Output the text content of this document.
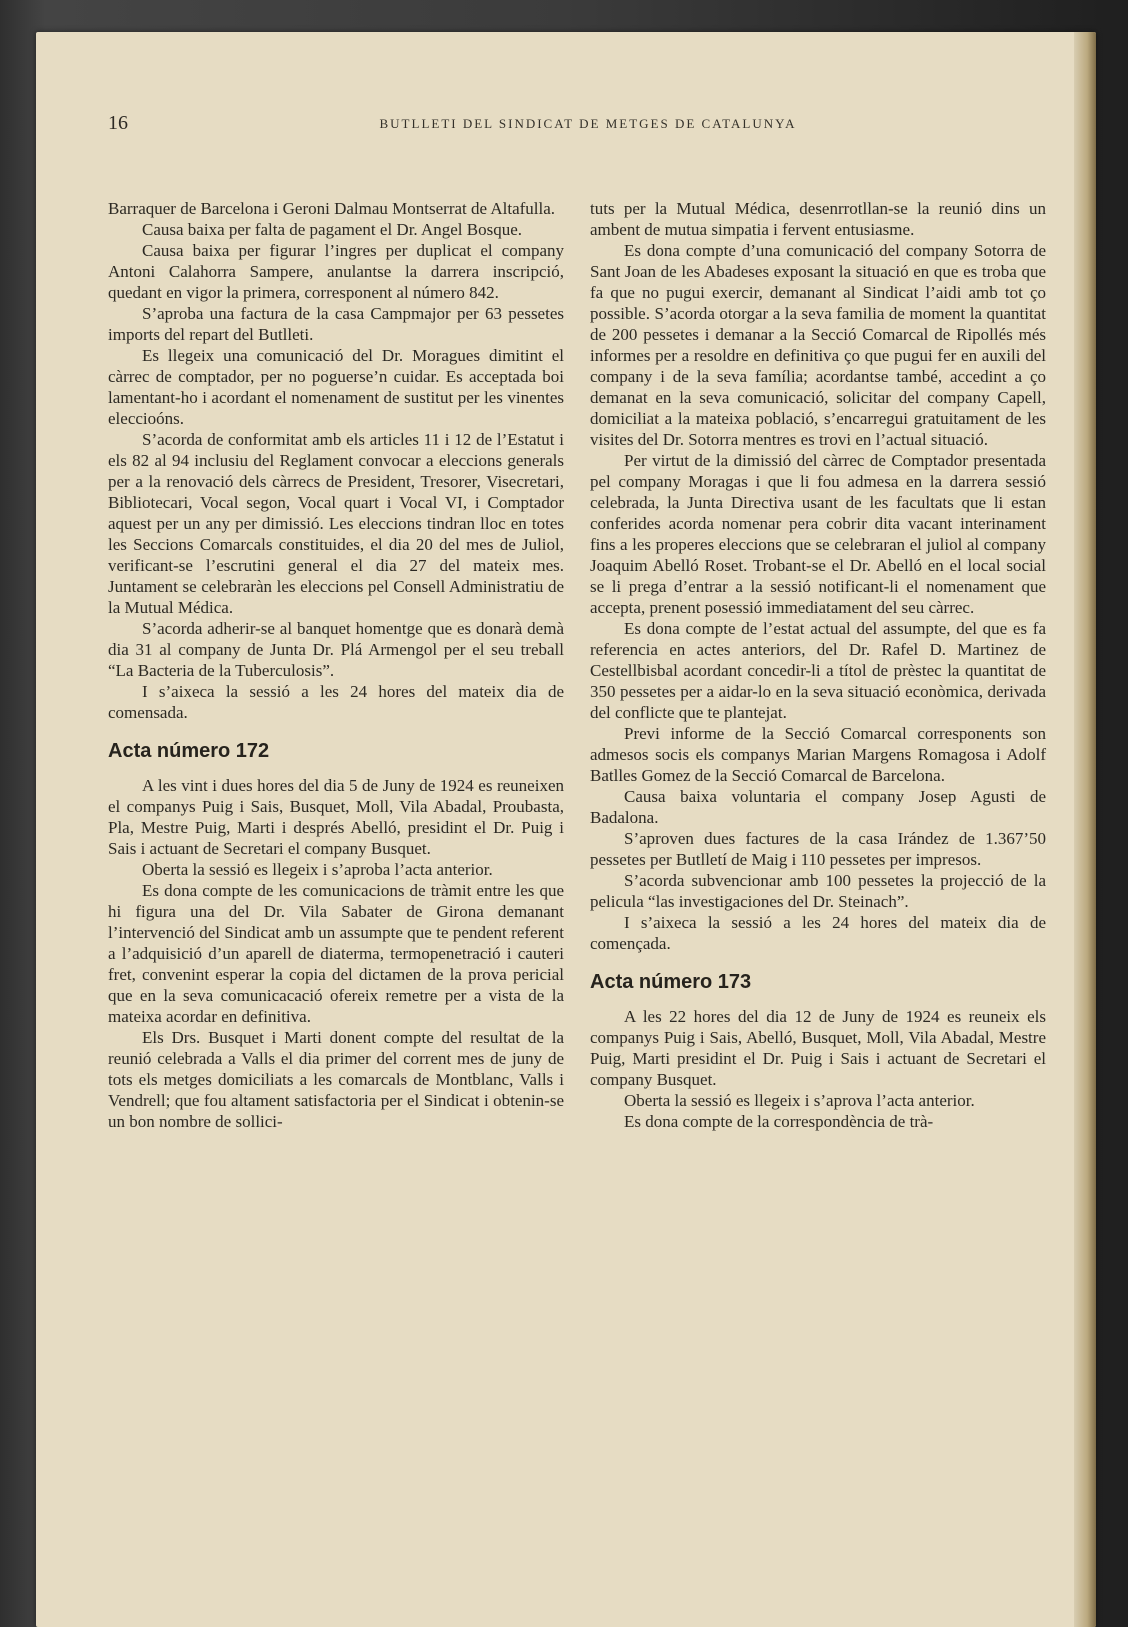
16	BUTLLETI DEL SINDICAT DE METGES DE CATALUNYA

Barraquer de Barcelona i Geroni Dalmau Montserrat de Altafulla.

Causa baixa per falta de pagament el Dr. Angel Bosque.

Causa baixa per figurar l’ingres per duplicat el company Antoni Calahorra Sampere, anulantse la darrera inscripció, quedant en vigor la primera, corresponent al número 842.

S’aproba una factura de la casa Campmajor per 63 pessetes imports del repart del Butlleti.

Es llegeix una comunicació del Dr. Moragues dimitint el càrrec de comptador, per no poguerse’n cuidar. Es acceptada boi lamentant-ho i acordant el nomenament de sustitut per les vinentes eleccioóns.

S’acorda de conformitat amb els articles 11 i 12 de l’Estatut i els 82 al 94 inclusiu del Reglament convocar a eleccions generals per a la renovació dels càrrecs de President, Tresorer, Visecretari, Bibliotecari, Vocal segon, Vocal quart i Vocal VI, i Comptador aquest per un any per dimissió. Les eleccions tindran lloc en totes les Seccions Comarcals constituides, el dia 20 del mes de Juliol, verificant-se l’escrutini general el dia 27 del mateix mes. Juntament se celebraràn les eleccions pel Consell Administratiu de la Mutual Médica.

S’acorda adherir-se al banquet homentge que es donarà demà dia 31 al company de Junta Dr. Plá Armengol per el seu treball “La Bacteria de la Tuberculosis”.

I s’aixeca la sessió a les 24 hores del mateix dia de comensada.

Acta número 172

A les vint i dues hores del dia 5 de Juny de 1924 es reuneixen el companys Puig i Sais, Busquet, Moll, Vila Abadal, Proubasta, Pla, Mestre Puig, Marti i després Abelló, presidint el Dr. Puig i Sais i actuant de Secretari el company Busquet.

Oberta la sessió es llegeix i s’aproba l’acta anterior.

Es dona compte de les comunicacions de tràmit entre les que hi figura una del Dr. Vila Sabater de Girona demanant l’intervenció del Sindicat amb un assumpte que te pendent referent a l’adquisició d’un aparell de diaterma, termopenetració i cauteri fret, convenint esperar la copia del dictamen de la prova pericial que en la seva comunicacació ofereix remetre per a vista de la mateixa acordar en definitiva.

Els Drs. Busquet i Marti donent compte del resultat de la reunió celebrada a Valls el dia primer del corrent mes de juny de tots els metges domiciliats a les comarcals de Montblanc, Valls i Vendrell; que fou altament satisfactoria per el Sindicat i obtenin-se un bon nombre de sollici-

tuts per la Mutual Médica, desenrrotllan-se la reunió dins un ambent de mutua simpatia i fervent entusiasme.

Es dona compte d’una comunicació del company Sotorra de Sant Joan de les Abadeses exposant la situació en que es troba que fa que no pugui exercir, demanant al Sindicat l’aidi amb tot ço possible. S’acorda otorgar a la seva familia de moment la quantitat de 200 pessetes i demanar a la Secció Comarcal de Ripollés més informes per a resoldre en definitiva ço que pugui fer en auxili del company i de la seva família; acordantse també, accedint a ço demanat en la seva comunicació, solicitar del company Capell, domiciliat a la mateixa població, s’encarregui gratuitament de les visites del Dr. Sotorra mentres es trovi en l’actual situació.

Per virtut de la dimissió del càrrec de Comptador presentada pel company Moragas i que li fou admesa en la darrera sessió celebrada, la Junta Directiva usant de les facultats que li estan conferides acorda nomenar pera cobrir dita vacant interinament fins a les properes eleccions que se celebraran el juliol al company Joaquim Abelló Roset. Trobant-se el Dr. Abelló en el local social se li prega d’entrar a la sessió notificant-li el nomenament que accepta, prenent posessió immediatament del seu càrrec.

Es dona compte de l’estat actual del assumpte, del que es fa referencia en actes anteriors, del Dr. Rafel D. Martinez de Cestellbisbal acordant concedir-li a títol de prèstec la quantitat de 350 pessetes per a aidar-lo en la seva situació econòmica, derivada del conflicte que te plantejat.

Previ informe de la Secció Comarcal corresponents son admesos socis els companys Marian Margens Romagosa i Adolf Batlles Gomez de la Secció Comarcal de Barcelona.

Causa baixa voluntaria el company Josep Agusti de Badalona.

S’aproven dues factures de la casa Irández de 1.367’50 pessetes per Butlletí de Maig i 110 pessetes per impresos.

S’acorda subvencionar amb 100 pessetes la projecció de la pelicula “las investigaciones del Dr. Steinach”.

I s’aixeca la sessió a les 24 hores del mateix dia de començada.

Acta número 173

A les 22 hores del dia 12 de Juny de 1924 es reuneix els companys Puig i Sais, Abelló, Busquet, Moll, Vila Abadal, Mestre Puig, Marti presidint el Dr. Puig i Sais i actuant de Secretari el company Busquet.

Oberta la sessió es llegeix i s’aprova l’acta anterior.

Es dona compte de la correspondència de trà-
